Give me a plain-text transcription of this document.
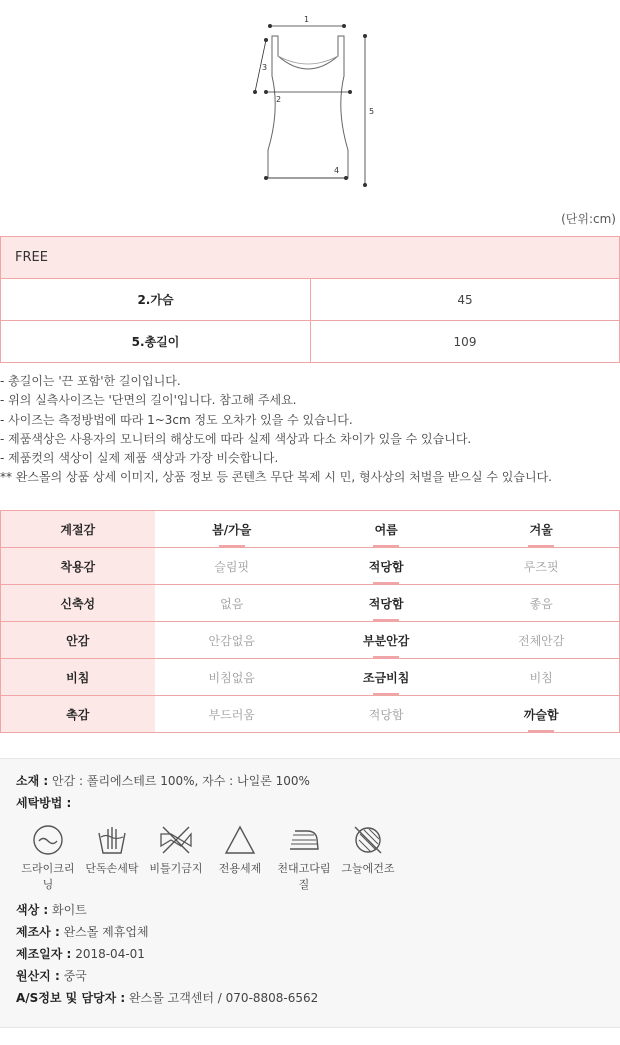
1
3
2
4
5
(단위:cm)
FREE	
2.가슴	45
5.총길이	109
- 총길이는 '끈 포함'한 길이입니다.
- 위의 실측사이즈는 '단면의 길이'입니다. 참고해 주세요.
- 사이즈는 측정방법에 따라 1~3cm 정도 오차가 있을 수 있습니다.
- 제품색상은 사용자의 모니터의 해상도에 따라 실제 색상과 다소 차이가 있을 수 있습니다.
- 제품컷의 색상이 실제 제품 색상과 가장 비슷합니다.
** 완스몰의 상품 상세 이미지, 상품 정보 등 콘텐츠 무단 복제 시 민, 형사상의 처벌을 받으실 수 있습니다.
계절감	봄/가을	여름	겨울
착용감	슬림핏	적당함	루즈핏
신축성	없음	적당함	좋음
안감	안감없음	부분안감	전체안감
비침	비침없음	조금비침	비침
촉감	부드러움	적당함	까슬함
소재 : 안감 : 폴리에스테르 100%, 자수 : 나일론 100%
세탁방법 :
드라이크리닝
단독손세탁 비틀기금지	전용세제	천대고다림질
그늘에건조
색상 : 화이트
제조사 : 완스몰 제휴업체
제조일자 : 2018-04-01
원산지 : 중국
A/S정보 및 담당자 : 완스몰 고객센터 / 070-8808-6562
